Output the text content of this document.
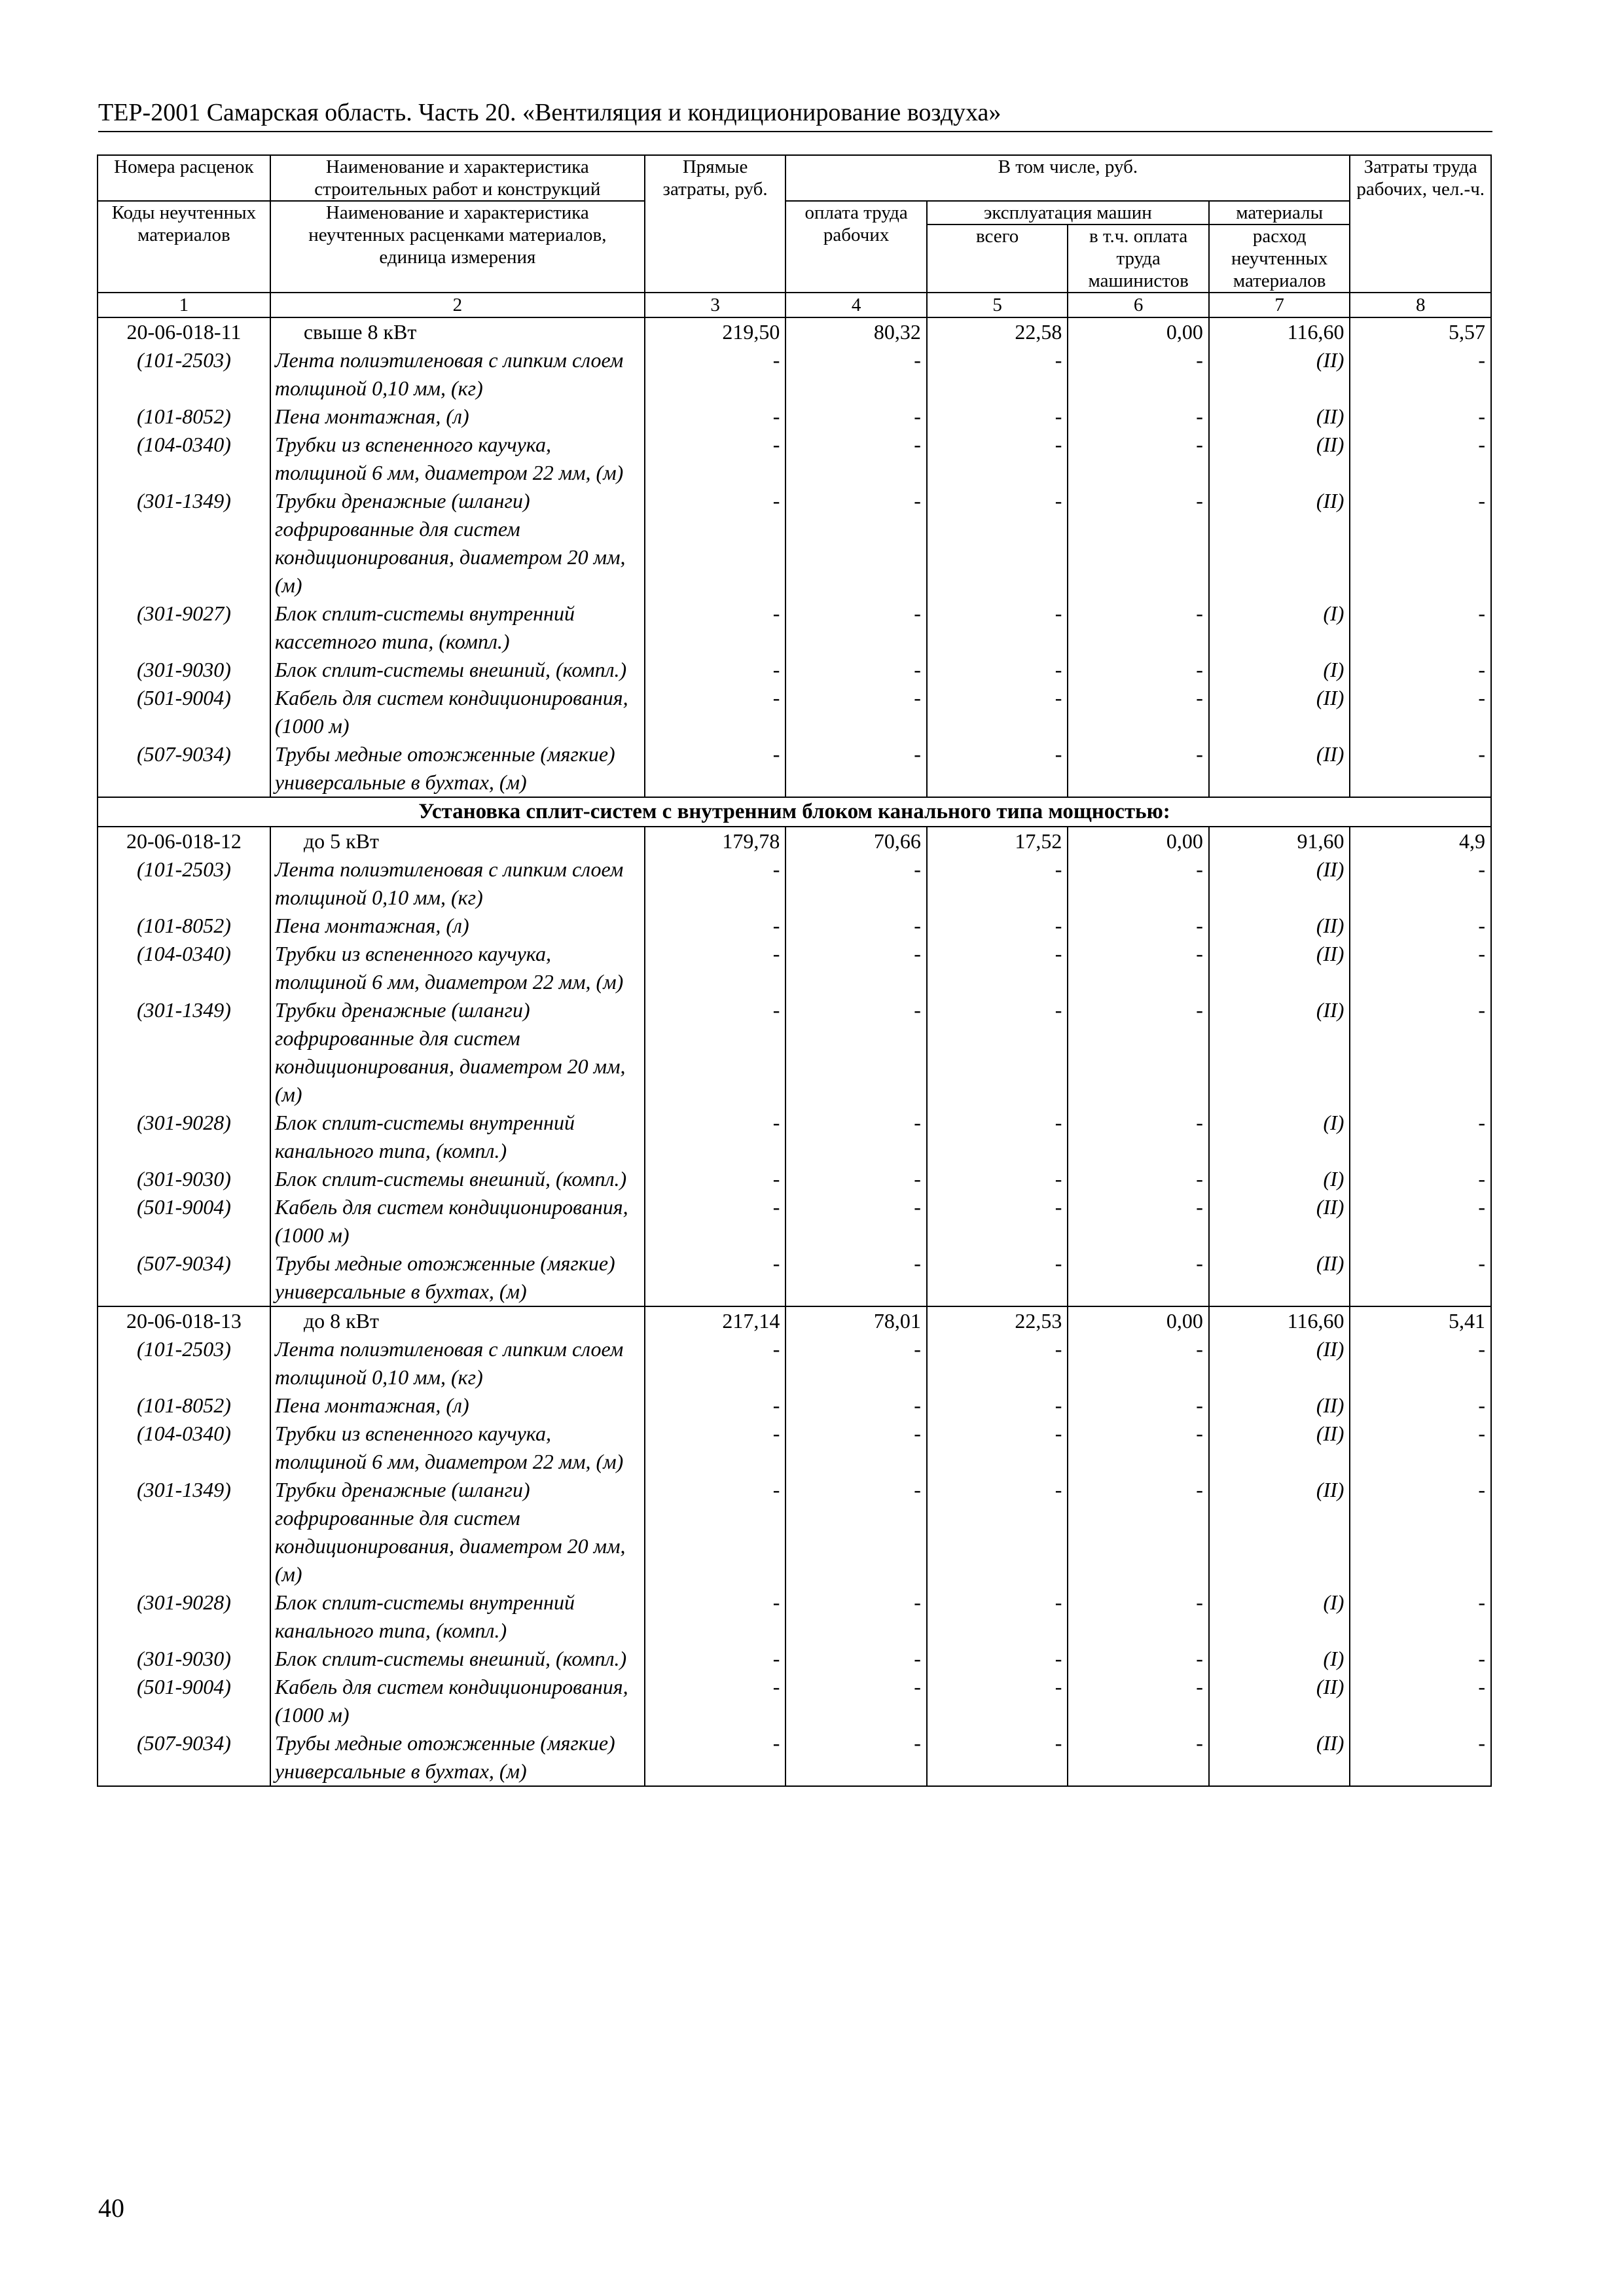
ТЕР-2001 Самарская область. Часть 20. «Вентиляция и кондиционирование воздуха»
Номера расценок	Наименование и характеристика строительных работ и конструкций	Прямые затраты, руб.	В том числе, руб.				Затраты труда рабочих, чел.-ч.
Коды неучтенных материалов	Наименование и характеристика неучтенных расценками материалов, единица измерения		оплата труда рабочих	эксплуатация машин		материалы	
				всего	в т.ч. оплата труда машинистов	расход неучтенных материалов	
1	2	3	4	5	6	7	8
20-06-018-11	свыше 8 кВт	219,50	80,32	22,58	0,00	116,60	5,57
(101-2503)	Лента полиэтиленовая с липким слоем толщиной 0,10 мм, (кг)	-	-	-	-	(II)	-
(101-8052)	Пена монтажная, (л)	-	-	-	-	(II)	-
(104-0340)	Трубки из вспененного каучука, толщиной 6 мм, диаметром 22 мм, (м)	-	-	-	-	(II)	-
(301-1349)	Трубки дренажные (шланги) гофрированные для систем кондиционирования, диаметром 20 мм, (м)	-	-	-	-	(II)	-
(301-9027)	Блок сплит-системы внутренний кассетного типа, (компл.)	-	-	-	-	(I)	-
(301-9030)	Блок сплит-системы внешний, (компл.)	-	-	-	-	(I)	-
(501-9004)	Кабель для систем кондиционирования, (1000 м)	-	-	-	-	(II)	-
(507-9034)	Трубы медные отожженные (мягкие) универсальные в бухтах, (м)	-	-	-	-	(II)	-
Установка сплит-систем с внутренним блоком канального типа мощностью:							
20-06-018-12	до 5 кВт	179,78	70,66	17,52	0,00	91,60	4,9
(101-2503)	Лента полиэтиленовая с липким слоем толщиной 0,10 мм, (кг)	-	-	-	-	(II)	-
(101-8052)	Пена монтажная, (л)	-	-	-	-	(II)	-
(104-0340)	Трубки из вспененного каучука, толщиной 6 мм, диаметром 22 мм, (м)	-	-	-	-	(II)	-
(301-1349)	Трубки дренажные (шланги) гофрированные для систем кондиционирования, диаметром 20 мм, (м)	-	-	-	-	(II)	-
(301-9028)	Блок сплит-системы внутренний канального типа, (компл.)	-	-	-	-	(I)	-
(301-9030)	Блок сплит-системы внешний, (компл.)	-	-	-	-	(I)	-
(501-9004)	Кабель для систем кондиционирования, (1000 м)	-	-	-	-	(II)	-
(507-9034)	Трубы медные отожженные (мягкие) универсальные в бухтах, (м)	-	-	-	-	(II)	-
20-06-018-13	до 8 кВт	217,14	78,01	22,53	0,00	116,60	5,41
(101-2503)	Лента полиэтиленовая с липким слоем толщиной 0,10 мм, (кг)	-	-	-	-	(II)	-
(101-8052)	Пена монтажная, (л)	-	-	-	-	(II)	-
(104-0340)	Трубки из вспененного каучука, толщиной 6 мм, диаметром 22 мм, (м)	-	-	-	-	(II)	-
(301-1349)	Трубки дренажные (шланги) гофрированные для систем кондиционирования, диаметром 20 мм, (м)	-	-	-	-	(II)	-
(301-9028)	Блок сплит-системы внутренний канального типа, (компл.)	-	-	-	-	(I)	-
(301-9030)	Блок сплит-системы внешний, (компл.)	-	-	-	-	(I)	-
(501-9004)	Кабель для систем кондиционирования, (1000 м)	-	-	-	-	(II)	-
(507-9034)	Трубы медные отожженные (мягкие) универсальные в бухтах, (м)	-	-	-	-	(II)	-
40
